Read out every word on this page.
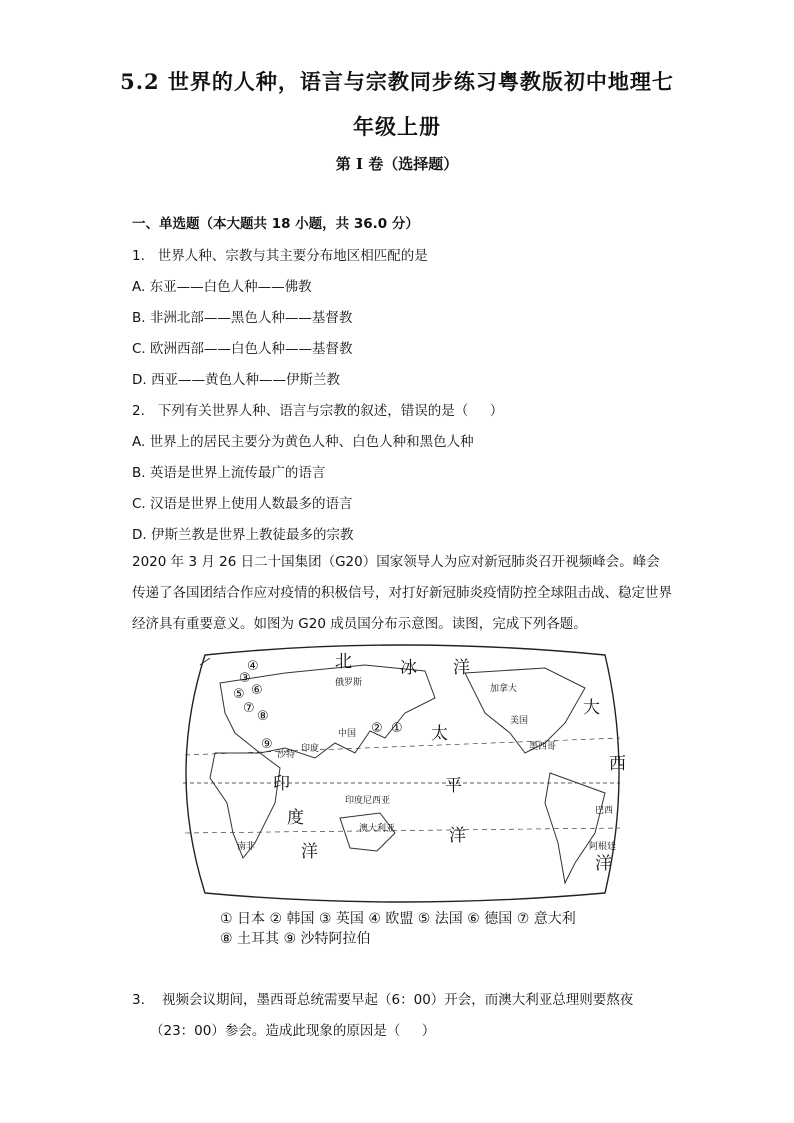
5.2 世界的人种，语言与宗教同步练习粤教版初中地理七
年级上册
第 I 卷（选择题）
一、单选题（本大题共 18 小题，共 36.0 分）
1.   世界人种、宗教与其主要分布地区相匹配的是
A. 东亚——白色人种——佛教
B. 非洲北部——黑色人种——基督教
C. 欧洲西部——白色人种——基督教
D. 西亚——黄色人种——伊斯兰教
2.   下列有关世界人种、语言与宗教的叙述，错误的是（     ）
A. 世界上的居民主要分为黄色人种、白色人种和黑色人种
B. 英语是世界上流传最广的语言
C. 汉语是世界上使用人数最多的语言
D. 伊斯兰教是世界上教徒最多的宗教
2020 年 3 月 26 日二十国集团（G20）国家领导人为应对新冠肺炎召开视频峰会。峰会传递了各国团结合作应对疫情的积极信号，对打好新冠肺炎疫情防控全球阻击战、稳定世界经济具有重要意义。如图为 G20 成员国分布示意图。读图，完成下列各题。
北	冰 洋
太
平
洋
印
度
洋
大
西
洋
俄罗斯
加拿大
美国
中国
印度
印度尼西亚
澳大利亚
巴西
阿根廷
南非
墨西哥
沙特
①
②
③
④
⑤ ⑥
⑦
⑧
⑨
① 日本 ② 韩国 ③ 英国 ④ 欧盟 ⑤ 法国 ⑥ 德国 ⑦ 意大利
⑧ 土耳其 ⑨ 沙特阿拉伯
3.    视频会议期间，墨西哥总统需要早起（6：00）开会，而澳大利亚总理则要熬夜
（23：00）参会。造成此现象的原因是（     ）
